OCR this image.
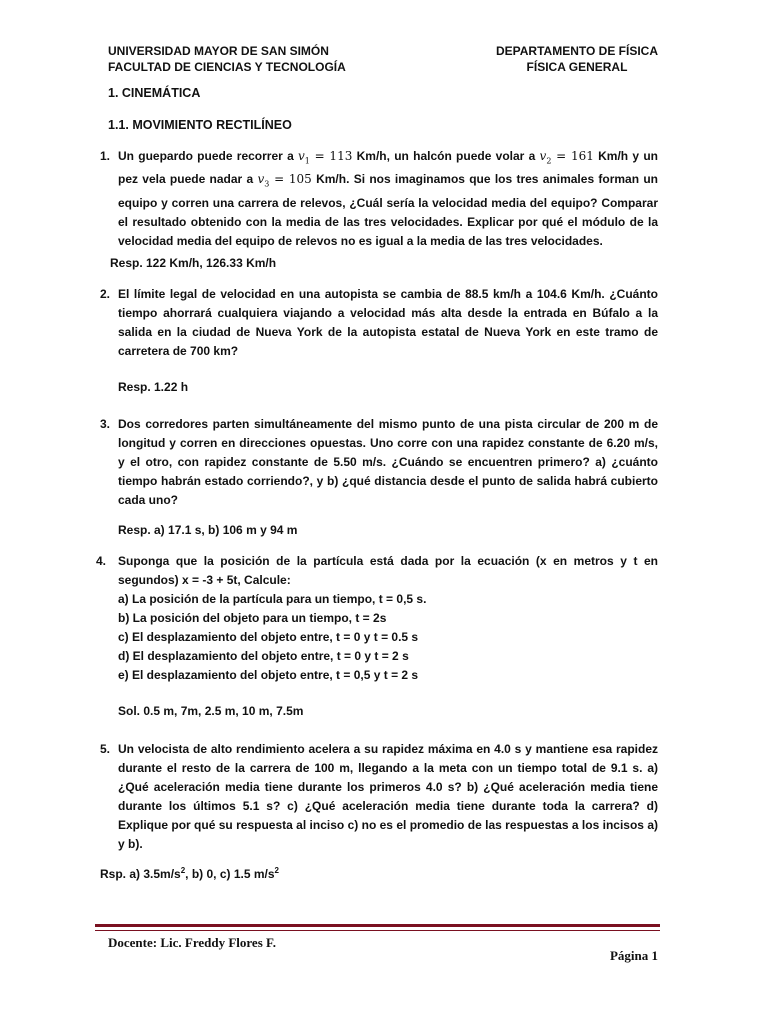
UNIVERSIDAD MAYOR DE SAN SIMÓN
FACULTAD DE CIENCIAS Y TECNOLOGÍA
DEPARTAMENTO DE FÍSICA
FÍSICA GENERAL
1. CINEMÁTICA
1.1. MOVIMIENTO RECTILÍNEO
1. Un guepardo puede recorrer a $v_1 = 113$ Km/h, un halcón puede volar a $v_2 = 161$ Km/h y un pez vela puede nadar a $v_3 = 105$ Km/h. Si nos imaginamos que los tres animales forman un equipo y corren una carrera de relevos, ¿Cuál sería la velocidad media del equipo? Comparar el resultado obtenido con la media de las tres velocidades. Explicar por qué el módulo de la velocidad media del equipo de relevos no es igual a la media de las tres velocidades.
Resp. 122 Km/h, 126.33 Km/h
2. El límite legal de velocidad en una autopista se cambia de 88.5 km/h a 104.6 Km/h. ¿Cuánto tiempo ahorrará cualquiera viajando a velocidad más alta desde la entrada en Búfalo a la salida en la ciudad de Nueva York de la autopista estatal de Nueva York en este tramo de carretera de 700 km?
Resp. 1.22 h
3. Dos corredores parten simultáneamente del mismo punto de una pista circular de 200 m de longitud y corren en direcciones opuestas. Uno corre con una rapidez constante de 6.20 m/s, y el otro, con rapidez constante de 5.50 m/s. ¿Cuándo se encuentren primero? a) ¿cuánto tiempo habrán estado corriendo?, y b) ¿qué distancia desde el punto de salida habrá cubierto cada uno?
Resp. a) 17.1 s, b) 106 m y 94 m
4. Suponga que la posición de la partícula está dada por la ecuación (x en metros y t en segundos) x = -3 + 5t, Calcule:
a) La posición de la partícula para un tiempo, t = 0,5 s.
b) La posición del objeto para un tiempo, t = 2s
c) El desplazamiento del objeto entre, t = 0 y t = 0.5 s
d) El desplazamiento del objeto entre, t = 0 y t = 2 s
e) El desplazamiento del objeto entre, t = 0,5 y t = 2 s
Sol. 0.5 m, 7m, 2.5 m, 10 m, 7.5m
5. Un velocista de alto rendimiento acelera a su rapidez máxima en 4.0 s y mantiene esa rapidez durante el resto de la carrera de 100 m, llegando a la meta con un tiempo total de 9.1 s. a) ¿Qué aceleración media tiene durante los primeros 4.0 s? b) ¿Qué aceleración media tiene durante los últimos 5.1 s? c) ¿Qué aceleración media tiene durante toda la carrera? d) Explique por qué su respuesta al inciso c) no es el promedio de las respuestas a los incisos a) y b).
Rsp. a) $3.5m/s^2$, b) 0, c) 1.5 $m/s^2$
Docente: Lic. Freddy Flores F.
Página 1
